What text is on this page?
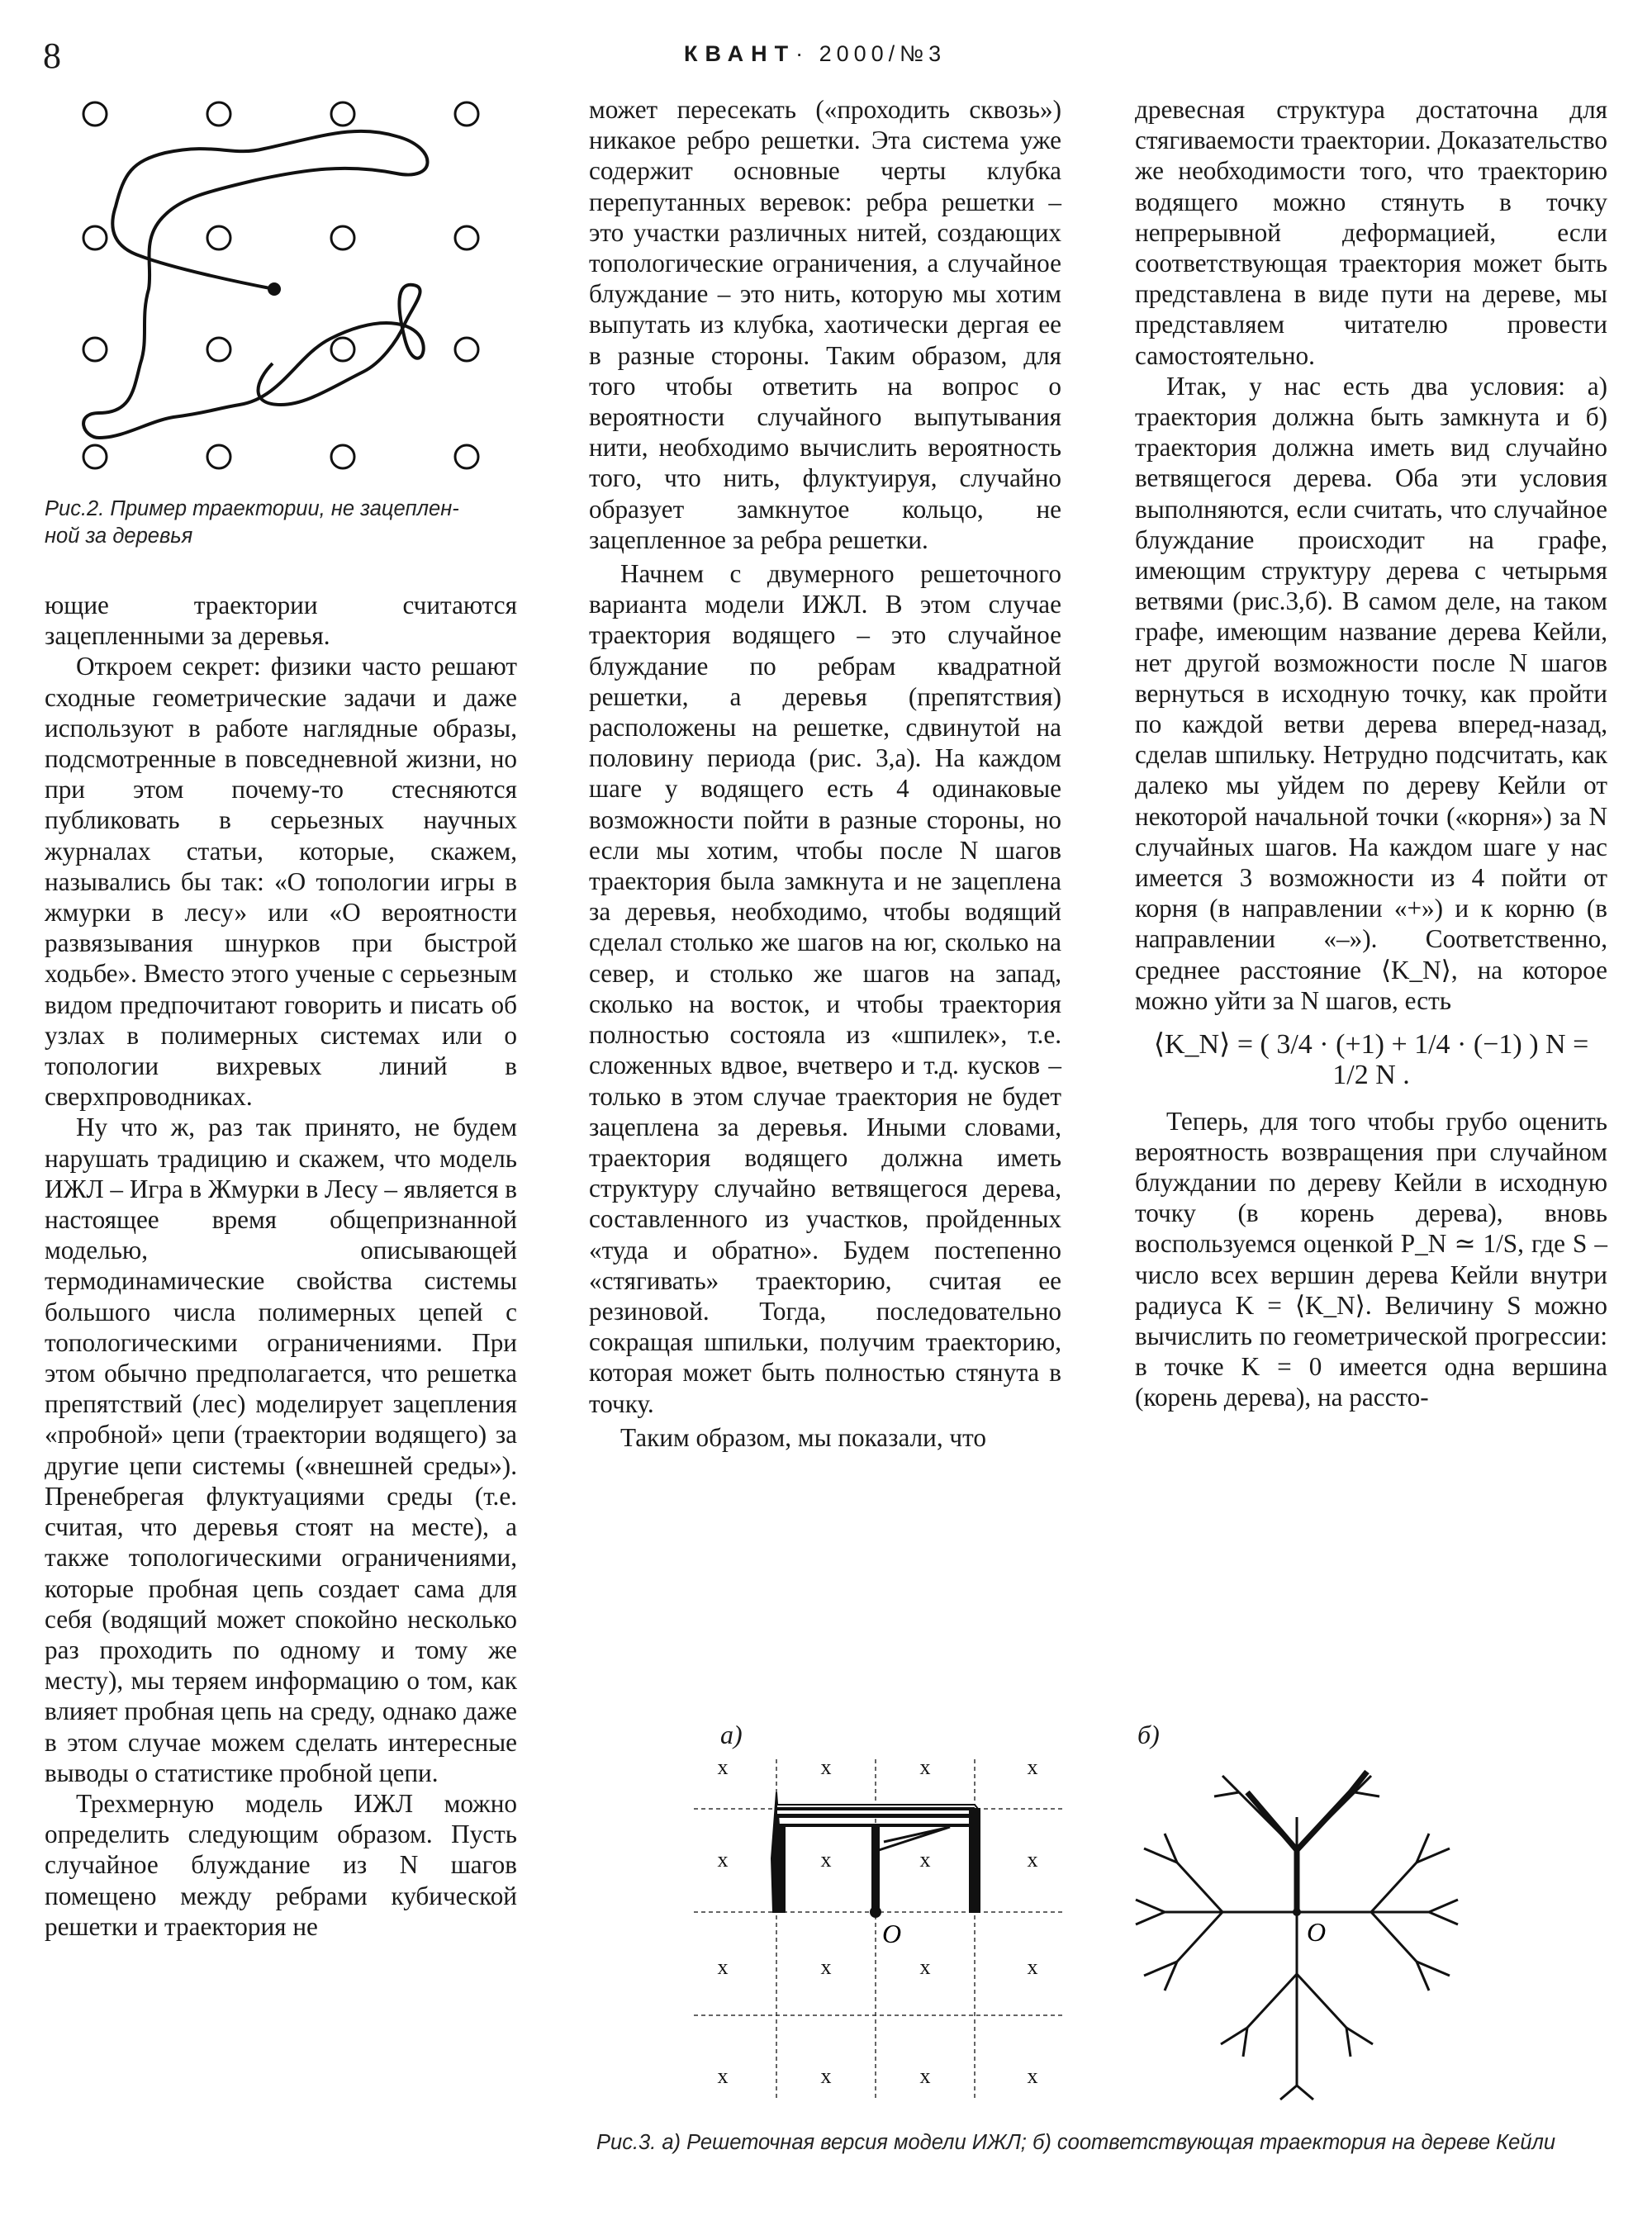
8	КВАНТ· 2000/№3
Рис.2. Пример траектории, не зацеплен-
ной за деревья

ющие траектории считаются зацепленными за деревья.

Откроем секрет: физики часто решают сходные геометрические задачи и даже используют в работе наглядные образы, подсмотренные в повседневной жизни, но при этом почему-то стесняются публиковать в серьезных научных журналах статьи, которые, скажем, назывались бы так: «О топологии игры в жмурки в лесу» или «О вероятности развязывания шнурков при быстрой ходьбе». Вместо этого ученые с серьезным видом предпочитают говорить и писать об узлах в полимерных системах или о топологии вихревых линий в сверхпроводниках.

Ну что ж, раз так принято, не будем нарушать традицию и скажем, что модель ИЖЛ – Игра в Жмурки в Лесу – является в настоящее время общепризнанной моделью, описывающей термодинамические свойства системы большого числа полимерных цепей с топологическими ограничениями. При этом обычно предполагается, что решетка препятствий (лес) моделирует зацепления «пробной» цепи (траектории водящего) за другие цепи системы («внешней среды»). Пренебрегая флуктуациями среды (т.е. считая, что деревья стоят на месте), а также топологическими ограничениями, которые пробная цепь создает сама для себя (водящий может спокойно несколько раз проходить по одному и тому же месту), мы теряем информацию о том, как влияет пробная цепь на среду, однако даже в этом случае можем сделать интересные выводы о статистике пробной цепи.

Трехмерную модель ИЖЛ можно определить следующим образом. Пусть случайное блуждание из N шагов помещено между ребрами кубической решетки и траектория не

может пересекать («проходить сквозь») никакое ребро решетки. Эта система уже содержит основные черты клубка перепутанных веревок: ребра решетки – это участки различных нитей, создающих топологические ограничения, а случайное блуждание – это нить, которую мы хотим выпутать из клубка, хаотически дергая ее в разные стороны. Таким образом, для того чтобы ответить на вопрос о вероятности случайного выпутывания нити, необходимо вычислить вероятность того, что нить, флуктуируя, случайно образует замкнутое кольцо, не зацепленное за ребра решетки.

Начнем с двумерного решеточного варианта модели ИЖЛ. В этом случае траектория водящего – это случайное блуждание по ребрам квадратной решетки, а деревья (препятствия) расположены на решетке, сдвинутой на половину периода (рис. 3,а). На каждом шаге у водящего есть 4 одинаковые возможности пойти в разные стороны, но если мы хотим, чтобы после N шагов траектория была замкнута и не зацеплена за деревья, необходимо, чтобы водящий сделал столько же шагов на юг, сколько на север, и столько же шагов на запад, сколько на восток, и чтобы траектория полностью состояла из «шпилек», т.е. сложенных вдвое, вчетверо и т.д. кусков – только в этом случае траектория не будет зацеплена за деревья. Иными словами, траектория водящего должна иметь структуру случайно ветвящегося дерева, составленного из участков, пройденных «туда и обратно». Будем постепенно «стягивать» траекторию, считая ее резиновой. Тогда, последовательно сокращая шпильки, получим траекторию, которая может быть полностью стянута в точку.

Таким образом, мы показали, что

древесная структура достаточна для стягиваемости траектории. Доказательство же необходимости того, что траекторию водящего можно стянуть в точку непрерывной деформацией, если соответствующая траектория может быть представлена в виде пути на дереве, мы представляем читателю провести самостоятельно.

Итак, у нас есть два условия: а) траектория должна быть замкнута и б) траектория должна иметь вид случайно ветвящегося дерева. Оба эти условия выполняются, если считать, что случайное блуждание происходит на графе, имеющим структуру дерева с четырьмя ветвями (рис.3,б). В самом деле, на таком графе, имеющим название дерева Кейли, нет другой возможности после N шагов вернуться в исходную точку, как пройти по каждой ветви дерева вперед-назад, сделав шпильку. Нетрудно подсчитать, как далеко мы уйдем по дереву Кейли от некоторой начальной точки («корня») за N случайных шагов. На каждом шаге у нас имеется 3 возможности из 4 пойти от корня (в направлении «+») и к корню (в направлении «–»). Соответственно, среднее расстояние ⟨K_N⟩, на которое можно уйти за N шагов, есть

⟨K_N⟩ = ( 3/4 · (+1) + 1/4 · (−1) ) N = 1/2 N .

Теперь, для того чтобы грубо оценить вероятность возвращения при случайном блуждании по дереву Кейли в исходную точку (в корень дерева), вновь воспользуемся оценкой P_N ≃ 1/S, где S – число всех вершин дерева Кейли внутри радиуса K = ⟨K_N⟩. Величину S можно вычислить по геометрической прогрессии: в точке K = 0 имеется одна вершина (корень дерева), на рассто-

а)	б)
x	x	x	x
x	x	x	x
x	x	x	x
x	x	x	x
O	O
Рис.3. а) Решеточная версия модели ИЖЛ; б) соответствующая траектория на дереве Кейли
